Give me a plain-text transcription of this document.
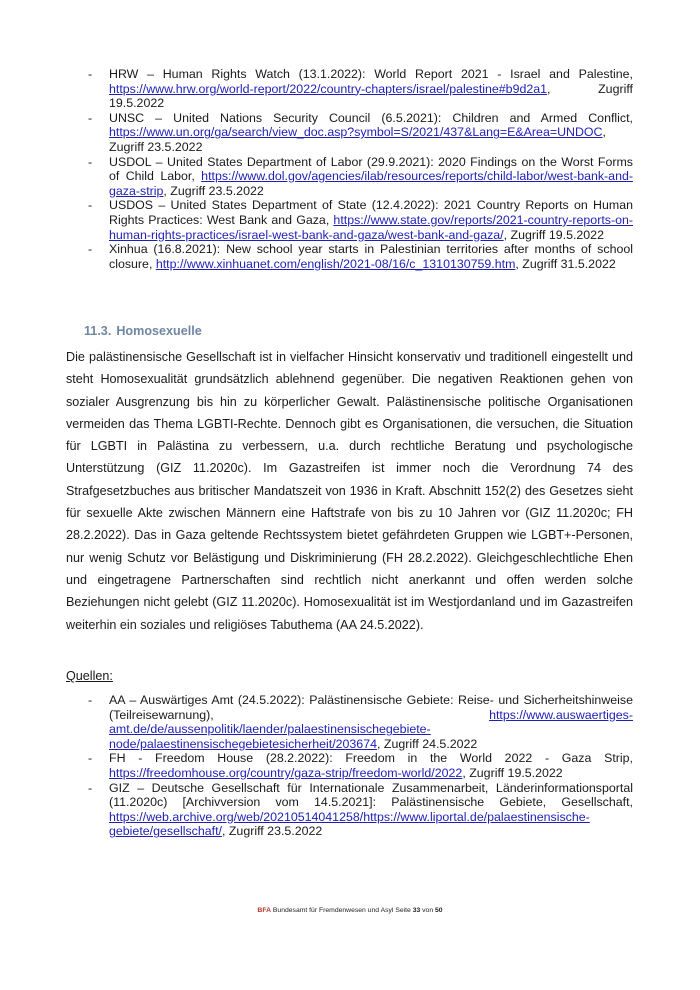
- HRW – Human Rights Watch (13.1.2022): World Report 2021 - Israel and Palestine, https://www.hrw.org/world-report/2022/country-chapters/israel/palestine#b9d2a1, Zugriff 19.5.2022
- UNSC – United Nations Security Council (6.5.2021): Children and Armed Conflict, https://www.un.org/ga/search/view_doc.asp?symbol=S/2021/437&Lang=E&Area=UNDOC, Zugriff 23.5.2022
- USDOL – United States Department of Labor (29.9.2021): 2020 Findings on the Worst Forms of Child Labor, https://www.dol.gov/agencies/ilab/resources/reports/child-labor/west-bank-and-gaza-strip, Zugriff 23.5.2022
- USDOS – United States Department of State (12.4.2022): 2021 Country Reports on Human Rights Practices: West Bank and Gaza, https://www.state.gov/reports/2021-country-reports-on-human-rights-practices/israel-west-bank-and-gaza/west-bank-and-gaza/, Zugriff 19.5.2022
- Xinhua (16.8.2021): New school year starts in Palestinian territories after months of school closure, http://www.xinhuanet.com/english/2021-08/16/c_1310130759.htm, Zugriff 31.5.2022
11.3. Homosexuelle
Die palästinensische Gesellschaft ist in vielfacher Hinsicht konservativ und traditionell eingestellt und steht Homosexualität grundsätzlich ablehnend gegenüber. Die negativen Reaktionen gehen von sozialer Ausgrenzung bis hin zu körperlicher Gewalt. Palästinensische politische Organisationen vermeiden das Thema LGBTI-Rechte. Dennoch gibt es Organisationen, die versuchen, die Situation für LGBTI in Palästina zu verbessern, u.a. durch rechtliche Beratung und psychologische Unterstützung (GIZ 11.2020c). Im Gazastreifen ist immer noch die Verordnung 74 des Strafgesetzbuches aus britischer Mandatszeit von 1936 in Kraft. Abschnitt 152(2) des Gesetzes sieht für sexuelle Akte zwischen Männern eine Haftstrafe von bis zu 10 Jahren vor (GIZ 11.2020c; FH 28.2.2022). Das in Gaza geltende Rechtssystem bietet gefährdeten Gruppen wie LGBT+-Personen, nur wenig Schutz vor Belästigung und Diskriminierung (FH 28.2.2022). Gleichgeschlechtliche Ehen und eingetragene Partnerschaften sind rechtlich nicht anerkannt und offen werden solche Beziehungen nicht gelebt (GIZ 11.2020c). Homosexualität ist im Westjordanland und im Gazastreifen weiterhin ein soziales und religiöses Tabuthema (AA 24.5.2022).
Quellen:
- AA – Auswärtiges Amt (24.5.2022): Palästinensische Gebiete: Reise- und Sicherheitshinweise (Teilreisewarnung), https://www.auswaertiges-amt.de/de/aussenpolitik/laender/palaestinensischegebiete-node/palaestinensischegebietesicherheit/203674, Zugriff 24.5.2022
- FH - Freedom House (28.2.2022): Freedom in the World 2022 - Gaza Strip, https://freedomhouse.org/country/gaza-strip/freedom-world/2022, Zugriff 19.5.2022
- GIZ – Deutsche Gesellschaft für Internationale Zusammenarbeit, Länderinformationsportal (11.2020c) [Archivversion vom 14.5.2021]: Palästinensische Gebiete, Gesellschaft, https://web.archive.org/web/20210514041258/https://www.liportal.de/palaestinensische-gebiete/gesellschaft/, Zugriff 23.5.2022
BFA Bundesamt für Fremdenwesen und Asyl Seite 33 von 50
